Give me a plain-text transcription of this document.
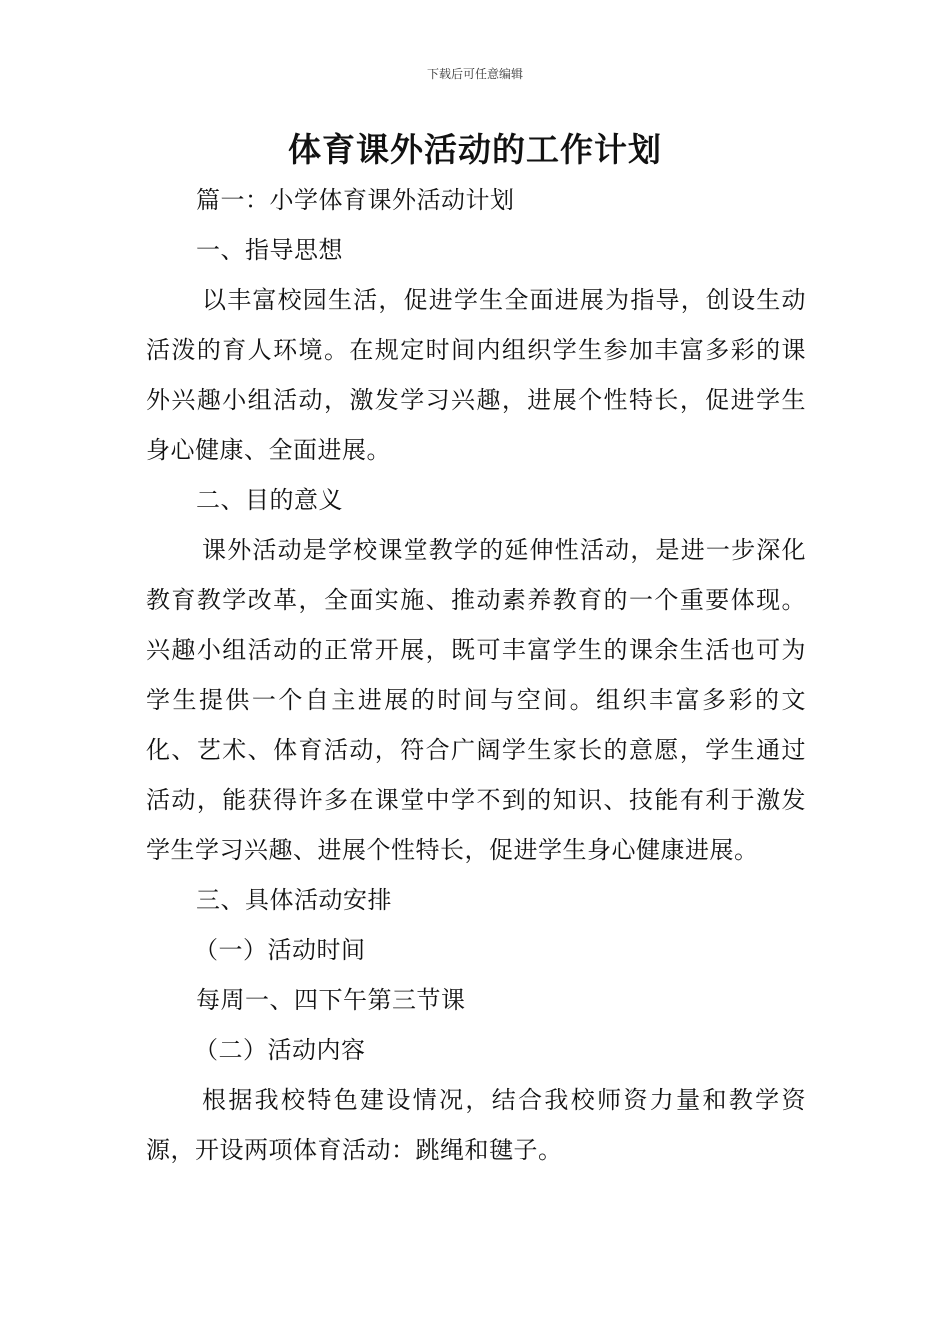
下载后可任意编辑
体育课外活动的工作计划

篇一：小学体育课外活动计划

一、指导思想

以丰富校园生活，促进学生全面进展为指导，创设生动活泼的育人环境。在规定时间内组织学生参加丰富多彩的课外兴趣小组活动，激发学习兴趣，进展个性特长，促进学生身心健康、全面进展。

二、目的意义

课外活动是学校课堂教学的延伸性活动，是进一步深化教育教学改革，全面实施、推动素养教育的一个重要体现。兴趣小组活动的正常开展，既可丰富学生的课余生活也可为学生提供一个自主进展的时间与空间。组织丰富多彩的文化、艺术、体育活动，符合广阔学生家长的意愿，学生通过活动，能获得许多在课堂中学不到的知识、技能有利于激发学生学习兴趣、进展个性特长，促进学生身心健康进展。

三、具体活动安排

（一）活动时间

每周一、四下午第三节课

（二）活动内容

根据我校特色建设情况，结合我校师资力量和教学资源，开设两项体育活动：跳绳和毽子。
